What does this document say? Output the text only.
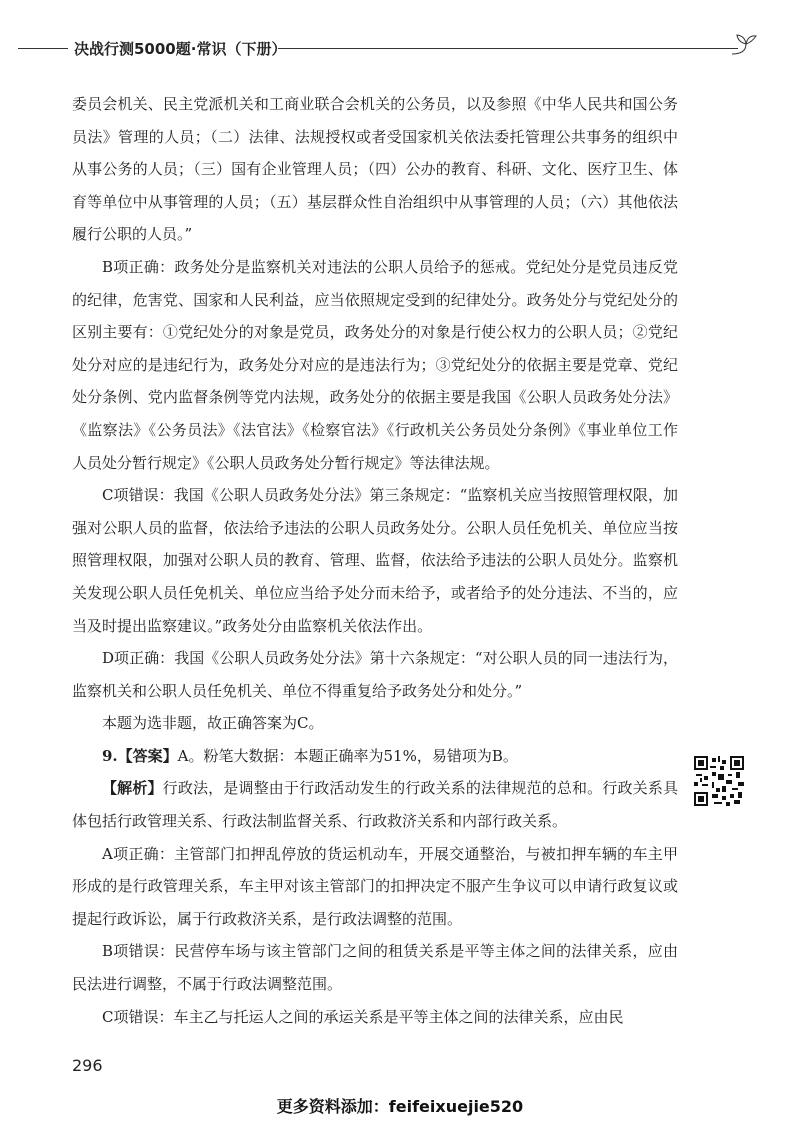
决战行测5000题·常识（下册）

委员会机关、民主党派机关和工商业联合会机关的公务员，以及参照《中华人民共和国公务员法》管理的人员；（二）法律、法规授权或者受国家机关依法委托管理公共事务的组织中从事公务的人员；（三）国有企业管理人员；（四）公办的教育、科研、文化、医疗卫生、体育等单位中从事管理的人员；（五）基层群众性自治组织中从事管理的人员；（六）其他依法履行公职的人员。”

B项正确：政务处分是监察机关对违法的公职人员给予的惩戒。党纪处分是党员违反党的纪律，危害党、国家和人民利益，应当依照规定受到的纪律处分。政务处分与党纪处分的区别主要有：①党纪处分的对象是党员，政务处分的对象是行使公权力的公职人员；②党纪处分对应的是违纪行为，政务处分对应的是违法行为；③党纪处分的依据主要是党章、党纪处分条例、党内监督条例等党内法规，政务处分的依据主要是我国《公职人员政务处分法》《监察法》《公务员法》《法官法》《检察官法》《行政机关公务员处分条例》《事业单位工作人员处分暂行规定》《公职人员政务处分暂行规定》等法律法规。

C项错误：我国《公职人员政务处分法》第三条规定：“监察机关应当按照管理权限，加强对公职人员的监督，依法给予违法的公职人员政务处分。公职人员任免机关、单位应当按照管理权限，加强对公职人员的教育、管理、监督，依法给予违法的公职人员处分。监察机关发现公职人员任免机关、单位应当给予处分而未给予，或者给予的处分违法、不当的，应当及时提出监察建议。”政务处分由监察机关依法作出。

D项正确：我国《公职人员政务处分法》第十六条规定：“对公职人员的同一违法行为，监察机关和公职人员任免机关、单位不得重复给予政务处分和处分。”

本题为选非题，故正确答案为C。

9.【答案】A。粉笔大数据：本题正确率为51%，易错项为B。

【解析】行政法，是调整由于行政活动发生的行政关系的法律规范的总和。行政关系具体包括行政管理关系、行政法制监督关系、行政救济关系和内部行政关系。

A项正确：主管部门扣押乱停放的货运机动车，开展交通整治，与被扣押车辆的车主甲形成的是行政管理关系，车主甲对该主管部门的扣押决定不服产生争议可以申请行政复议或提起行政诉讼，属于行政救济关系，是行政法调整的范围。

B项错误：民营停车场与该主管部门之间的租赁关系是平等主体之间的法律关系，应由民法进行调整，不属于行政法调整范围。

C项错误：车主乙与托运人之间的承运关系是平等主体之间的法律关系，应由民

296
更多资料添加：feifeixuejie520
